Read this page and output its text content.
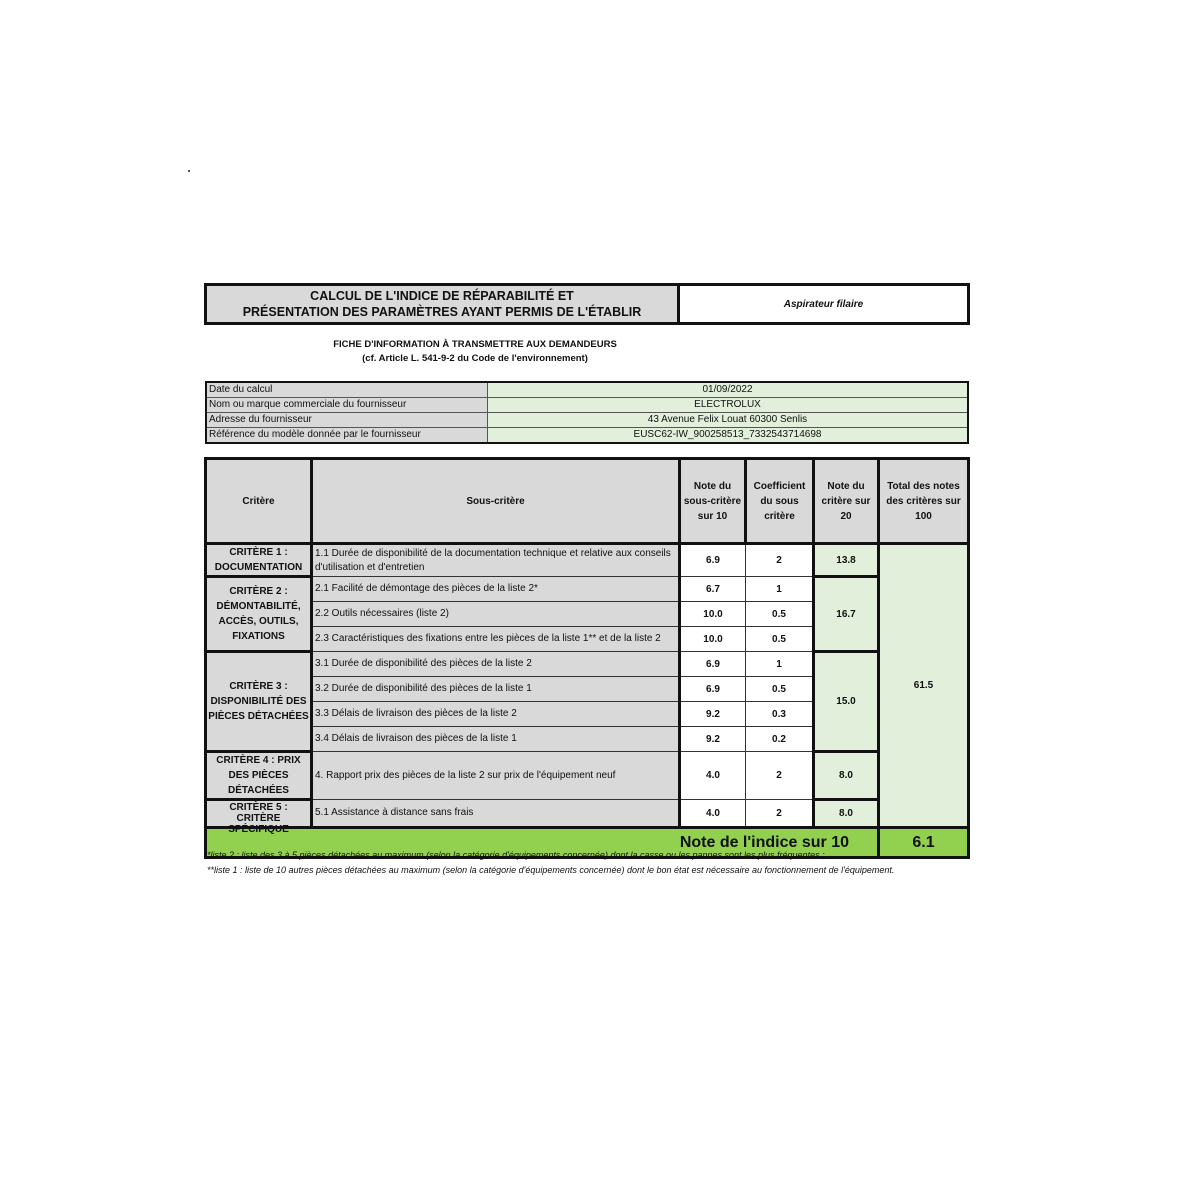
CALCUL DE L'INDICE DE RÉPARABILITÉ ET
PRÉSENTATION DES PARAMÈTRES AYANT PERMIS DE L'ÉTABLIR
Aspirateur filaire
FICHE D'INFORMATION À TRANSMETTRE AUX DEMANDEURS
(cf. Article L. 541-9-2 du Code de l'environnement)
Date du calcul	01/09/2022
Nom ou marque commerciale du fournisseur	ELECTROLUX
Adresse du fournisseur	43 Avenue Felix Louat 60300 Senlis
Référence du modèle donnée par le fournisseur	EUSC62-IW_900258513_7332543714698
Critère	Sous-critère	Note du sous-critère sur 10	Coefficient du sous critère	Note du critère sur 20	Total des notes des critères sur 100
CRITÈRE 1 : DOCUMENTATION	1.1 Durée de disponibilité de la documentation technique et relative aux conseils d'utilisation et d'entretien	6.9	2	13.8	61.5
CRITÈRE 2 : DÉMONTABILITÉ, ACCÈS, OUTILS, FIXATIONS	2.1 Facilité de démontage des pièces de la liste 2*	6.7	1	16.7	
	2.2 Outils nécessaires (liste 2)	10.0	0.5		
	2.3 Caractéristiques des fixations entre les pièces de la liste 1** et de la liste 2	10.0	0.5		
CRITÈRE 3 : DISPONIBILITÉ DES PIÈCES DÉTACHÉES	3.1 Durée de disponibilité des pièces de la liste 2	6.9	1	15.0	
	3.2 Durée de disponibilité des pièces de la liste 1	6.9	0.5		
	3.3 Délais de livraison des pièces de la liste 2	9.2	0.3		
	3.4 Délais de livraison des pièces de la liste 1	9.2	0.2		
CRITÈRE 4 : PRIX DES PIÈCES DÉTACHÉES	4. Rapport prix des pièces de la liste 2 sur prix de l'équipement neuf	4.0	2	8.0	

CRITÈRE 5 : CRITÈRE SPÉCIFIQUE	5.1 Assistance à distance sans frais	4.0	2	8.0	
Note de l'indice sur 10					6.1
*liste 2 : liste des 3 à 5 pièces détachées au maximum (selon la catégorie d'équipements concernée) dont la casse ou les pannes sont les plus fréquentes ;
**liste 1 : liste de 10 autres pièces détachées au maximum (selon la catégorie d'équipements concernée) dont le bon état est nécessaire au fonctionnement de l'équipement.
